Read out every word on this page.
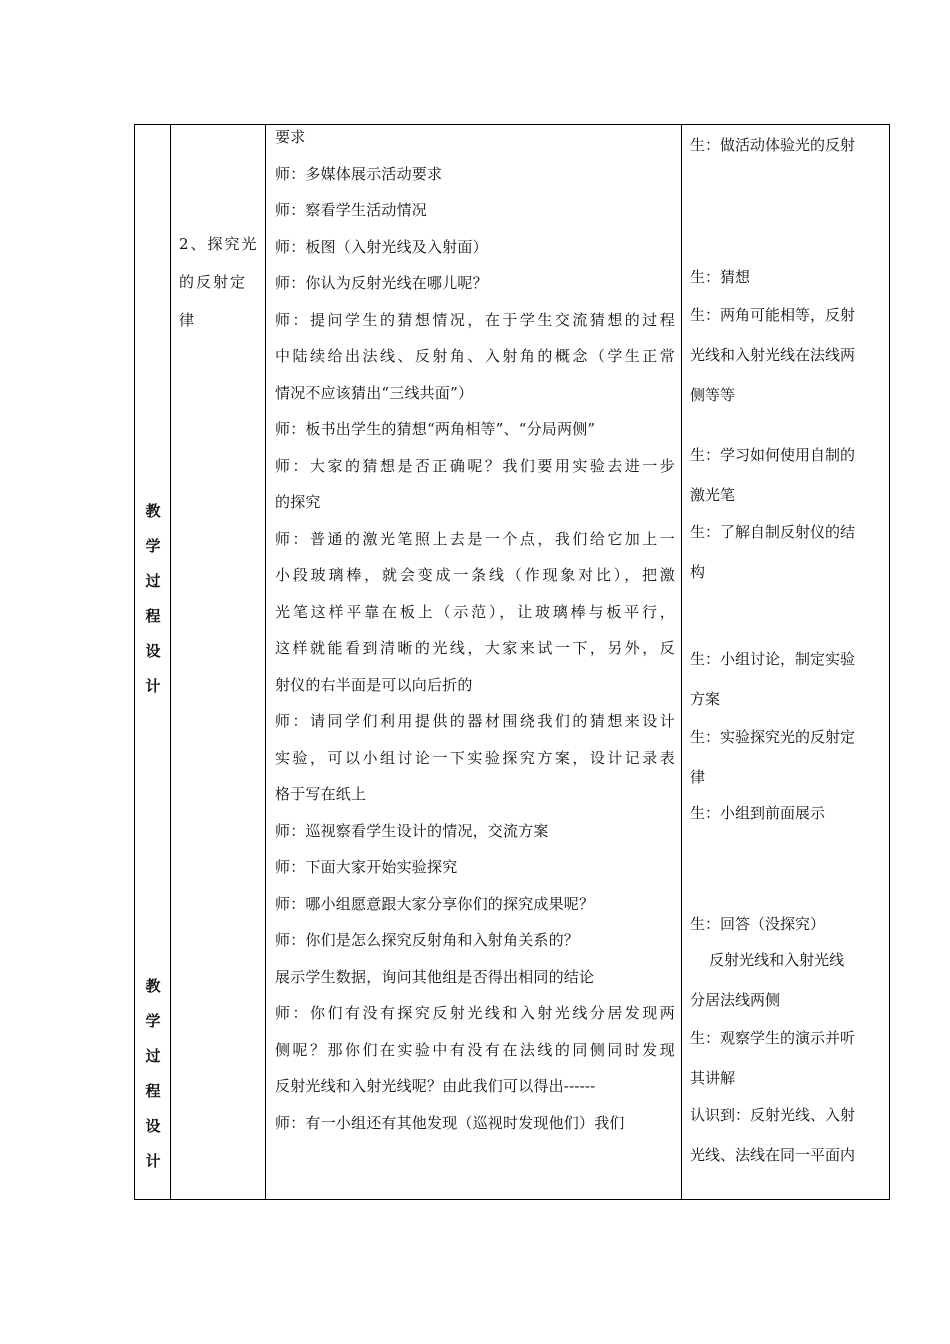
教
学
过
程
设
计
教
学
过
程
设
计
2、探究光的反射定律

要求

师：多媒体展示活动要求

师：察看学生活动情况

师：板图（入射光线及入射面）

师：你认为反射光线在哪儿呢？

师：提问学生的猜想情况，在于学生交流猜想的过程

中陆续给出法线、反射角、入射角的概念（学生正常

情况不应该猜出“三线共面”）

师：板书出学生的猜想“两角相等”、“分局两侧”

师：大家的猜想是否正确呢？我们要用实验去进一步

的探究

师：普通的激光笔照上去是一个点，我们给它加上一

小段玻璃棒，就会变成一条线（作现象对比），把激

光笔这样平靠在板上（示范），让玻璃棒与板平行，

这样就能看到清晰的光线，大家来试一下，另外，反

射仪的右半面是可以向后折的

师：请同学们利用提供的器材围绕我们的猜想来设计

实验，可以小组讨论一下实验探究方案，设计记录表

格于写在纸上

师：巡视察看学生设计的情况，交流方案

师：下面大家开始实验探究

师：哪小组愿意跟大家分享你们的探究成果呢？

师：你们是怎么探究反射角和入射角关系的？

展示学生数据，询问其他组是否得出相同的结论

师：你们有没有探究反射光线和入射光线分居发现两

侧呢？那你们在实验中有没有在法线的同侧同时发现

反射光线和入射光线呢？由此我们可以得出------

师：有一小组还有其他发现（巡视时发现他们）我们

生：做活动体验光的反射
生：猜想
生：两角可能相等，反射
光线和入射光线在法线两
侧等等
生：学习如何使用自制的
激光笔
生：了解自制反射仪的结
构
生：小组讨论，制定实验
方案
生：实验探究光的反射定
律
生：小组到前面展示
生：回答（没探究）
反射光线和入射光线
分居法线两侧
生：观察学生的演示并听
其讲解
认识到：反射光线、入射
光线、法线在同一平面内
